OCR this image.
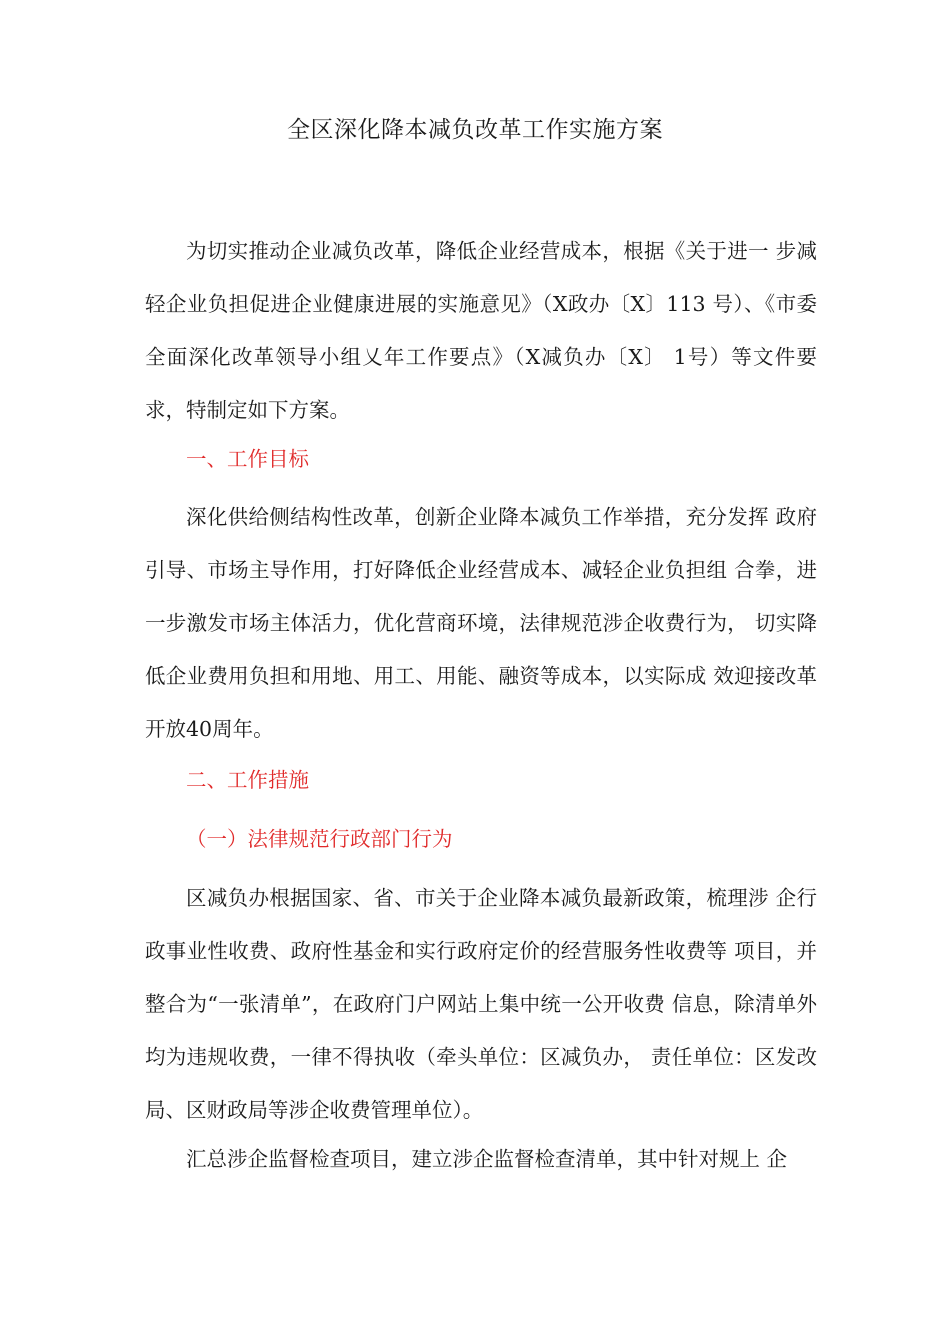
全区深化降本减负改革工作实施方案

为切实推动企业减负改革，降低企业经营成本，根据《关于进一 步减轻企业负担促进企业健康进展的实施意见》（X政办〔X〕113 号）、《市委全面深化改革领导小组乂年工作要点》（X减负办〔X〕 1号）等文件要求，特制定如下方案。

一、工作目标

深化供给侧结构性改革，创新企业降本减负工作举措，充分发挥 政府引导、市场主导作用，打好降低企业经营成本、减轻企业负担组 合拳，进一步激发市场主体活力，优化营商环境，法律规范涉企收费行为， 切实降低企业费用负担和用地、用工、用能、融资等成本，以实际成 效迎接改革开放40周年。

二、工作措施

（一）法律规范行政部门行为

区减负办根据国家、省、市关于企业降本减负最新政策，梳理涉 企行政事业性收费、政府性基金和实行政府定价的经营服务性收费等 项目，并整合为“一张清单”，在政府门户网站上集中统一公开收费 信息，除清单外均为违规收费，一律不得执收（牵头单位：区减负办， 责任单位：区发改局、区财政局等涉企收费管理单位）。

汇总涉企监督检查项目，建立涉企监督检查清单，其中针对规上 企
